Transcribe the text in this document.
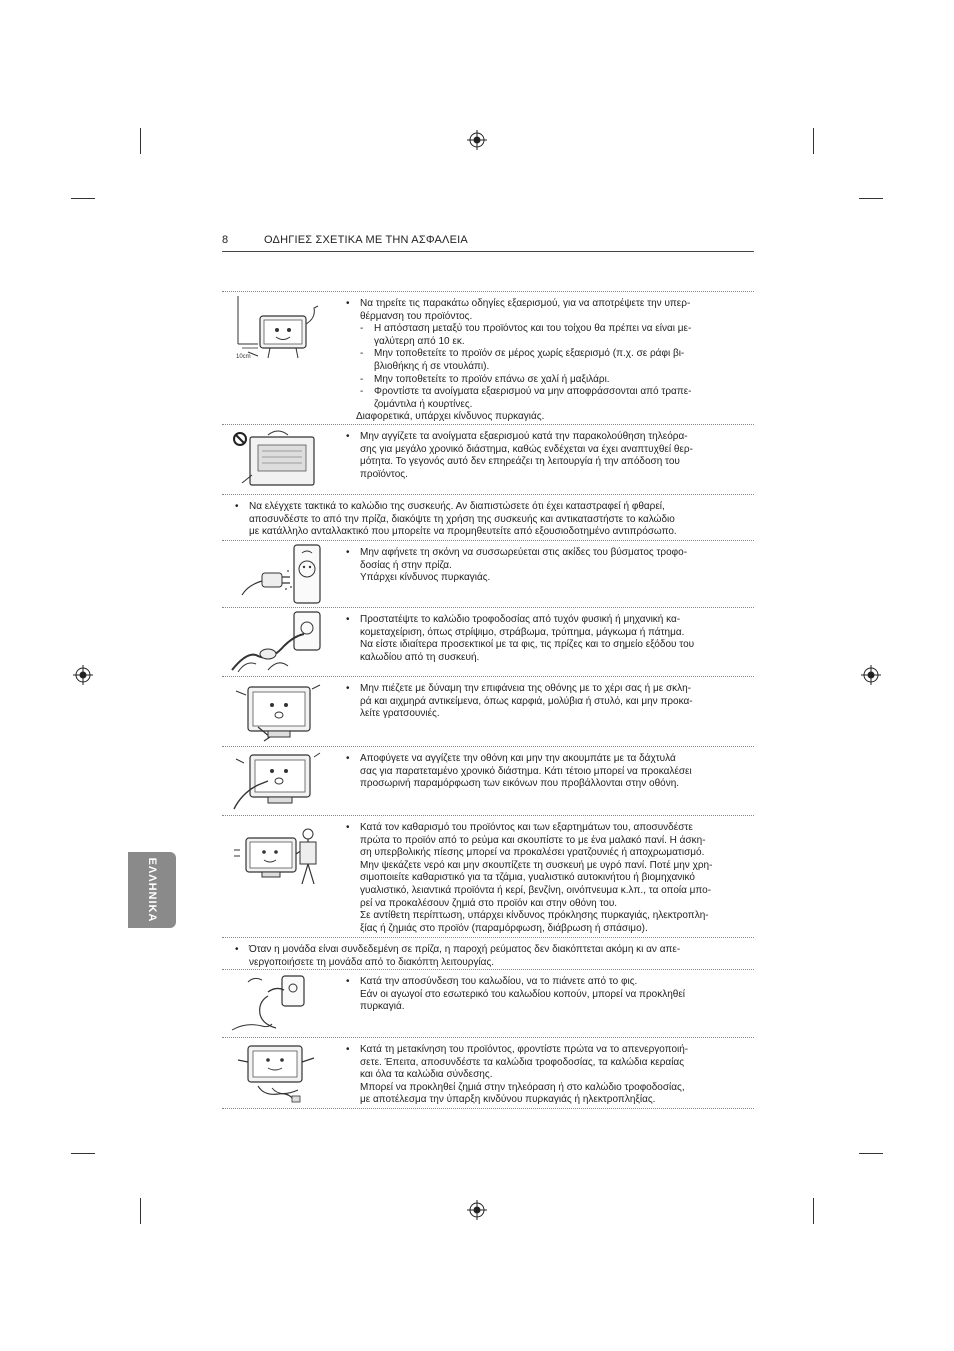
8	ΟΔΗΓΙΕΣ ΣΧΕΤΙΚΑ ΜΕ ΤΗΝ ΑΣΦΑΛΕΙΑ
ΕΛΛΗΝΙΚΑ
10cm
• Να τηρείτε τις παρακάτω οδηγίες εξαερισμού, για να αποτρέψετε την υπερ-
θέρμανση του προϊόντος.
- Η απόσταση μεταξύ του προϊόντος και του τοίχου θα πρέπει να είναι με-
γαλύτερη από 10 εκ.
- Μην τοποθετείτε το προϊόν σε μέρος χωρίς εξαερισμό (π.χ. σε ράφι βι-
βλιοθήκης ή σε ντουλάπι).
- Μην τοποθετείτε το προϊόν επάνω σε χαλί ή μαξιλάρι.
- Φροντίστε τα ανοίγματα εξαερισμού να μην αποφράσσονται από τραπε-
ζομάντιλα ή κουρτίνες.
Διαφορετικά, υπάρχει κίνδυνος πυρκαγιάς.
• Μην αγγίζετε τα ανοίγματα εξαερισμού κατά την παρακολούθηση τηλεόρα-
σης για μεγάλο χρονικό διάστημα, καθώς ενδέχεται να έχει αναπτυχθεί θερ-
μότητα. Το γεγονός αυτό δεν επηρεάζει τη λειτουργία ή την απόδοση του
προϊόντος.
• Να ελέγχετε τακτικά το καλώδιο της συσκευής. Αν διαπιστώσετε ότι έχει καταστραφεί ή φθαρεί,
αποσυνδέστε το από την πρίζα, διακόψτε τη χρήση της συσκευής και αντικαταστήστε το καλώδιο
με κατάλληλο ανταλλακτικό που μπορείτε να προμηθευτείτε από εξουσιοδοτημένο αντιπρόσωπο.
• Μην αφήνετε τη σκόνη να συσσωρεύεται στις ακίδες του βύσματος τροφο-
δοσίας ή στην πρίζα.
Υπάρχει κίνδυνος πυρκαγιάς.
• Προστατέψτε το καλώδιο τροφοδοσίας από τυχόν φυσική ή μηχανική κα-
κομεταχείριση, όπως στρίψιμο, στράβωμα, τρύπημα, μάγκωμα ή πάτημα.
Να είστε ιδιαίτερα προσεκτικοί με τα φις, τις πρίζες και το σημείο εξόδου του
καλωδίου από τη συσκευή.
• Μην πιέζετε με δύναμη την επιφάνεια της οθόνης με το χέρι σας ή με σκλη-
ρά και αιχμηρά αντικείμενα, όπως καρφιά, μολύβια ή στυλό, και μην προκα-
λείτε γρατσουνιές.
• Αποφύγετε να αγγίζετε την οθόνη και μην την ακουμπάτε με τα δάχτυλά
σας για παρατεταμένο χρονικό διάστημα. Κάτι τέτοιο μπορεί να προκαλέσει
προσωρινή παραμόρφωση των εικόνων που προβάλλονται στην οθόνη.
• Κατά τον καθαρισμό του προϊόντος και των εξαρτημάτων του, αποσυνδέστε
πρώτα το προϊόν από το ρεύμα και σκουπίστε το με ένα μαλακό πανί. Η άσκη-
ση υπερβολικής πίεσης μπορεί να προκαλέσει γρατζουνιές ή αποχρωματισμό.
Μην ψεκάζετε νερό και μην σκουπίζετε τη συσκευή με υγρό πανί. Ποτέ μην χρη-
σιμοποιείτε καθαριστικό για τα τζάμια, γυαλιστικό αυτοκινήτου ή βιομηχανικό
γυαλιστικό, λειαντικά προϊόντα ή κερί, βενζίνη, οινόπνευμα κ.λπ., τα οποία μπο-
ρεί να προκαλέσουν ζημιά στο προϊόν και στην οθόνη του.
Σε αντίθετη περίπτωση, υπάρχει κίνδυνος πρόκλησης πυρκαγιάς, ηλεκτροπλη-
ξίας ή ζημιάς στο προϊόν (παραμόρφωση, διάβρωση ή σπάσιμο).
• Όταν η μονάδα είναι συνδεδεμένη σε πρίζα, η παροχή ρεύματος δεν διακόπτεται ακόμη κι αν απε-
νεργοποιήσετε τη μονάδα από το διακόπτη λειτουργίας.
• Κατά την αποσύνδεση του καλωδίου, να το πιάνετε από το φις.
Εάν οι αγωγοί στο εσωτερικό του καλωδίου κοπούν, μπορεί να προκληθεί
πυρκαγιά.
• Κατά τη μετακίνηση του προϊόντος, φροντίστε πρώτα να το απενεργοποιή-
σετε. Έπειτα, αποσυνδέστε τα καλώδια τροφοδοσίας, τα καλώδια κεραίας
και όλα τα καλώδια σύνδεσης.
Μπορεί να προκληθεί ζημιά στην τηλεόραση ή στο καλώδιο τροφοδοσίας,
με αποτέλεσμα την ύπαρξη κινδύνου πυρκαγιάς ή ηλεκτροπληξίας.
